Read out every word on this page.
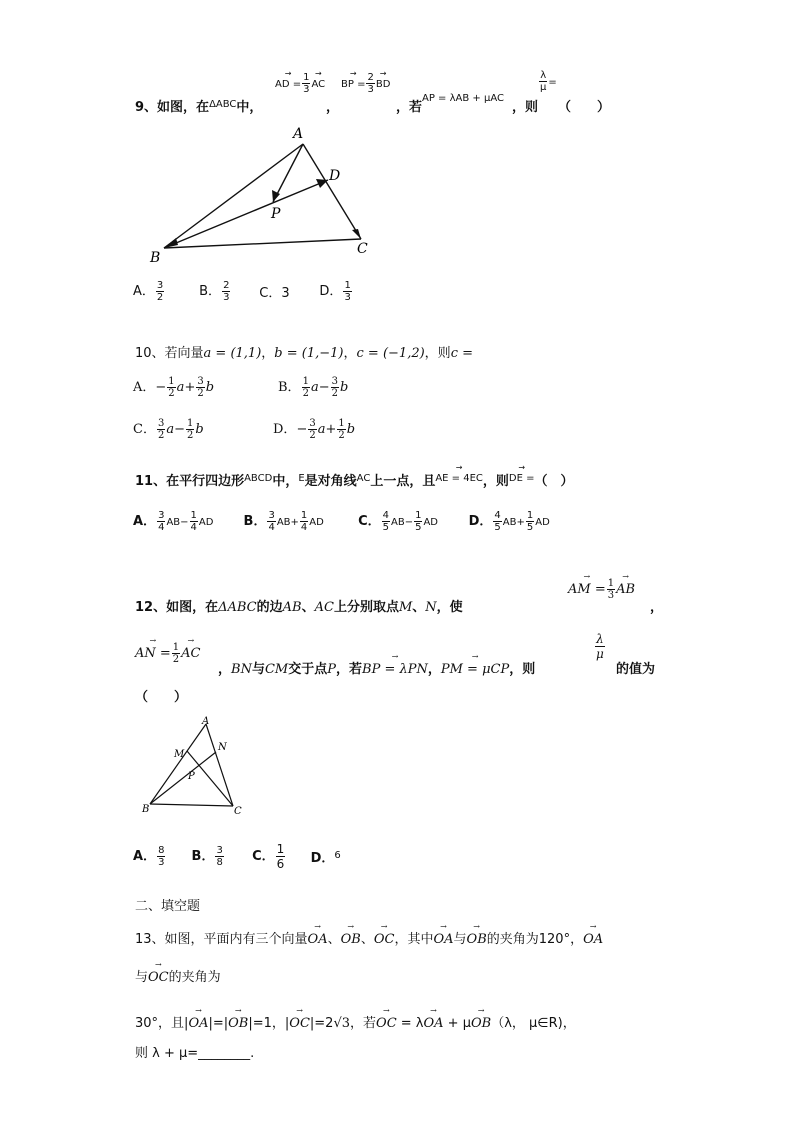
9、如图，在$^{\Delta ABC}$中，
→ AD = $\frac{1}{3}$ → AC → BP = $\frac{2}{3}$ → BD
，	，若
AP = λAB + μAC
，则
$\frac{\lambda}{\mu}$ =
（　　）
A
B
C
D
P
A． $\frac{3}{2}$	B． $\frac{2}{3}$ C．3 D． $\frac{1}{3}$
10、若向量a = (1,1)，b = (1,−1)，c = (−1,2)，则c =
A．− $\frac{1}{2} a+ \frac{3}{2}$ b	B． $\frac{1}{2} a- \frac{3}{2}$ b
C． $\frac{3}{2} a- \frac{1}{2}$ b	D．− $\frac{3}{2} a+ \frac{1}{2}$ b
11、在平行四边形$^{ABCD}$中，$^E$是对角线$^{AC}$上一点，且→ AE = 4EC，则→ DE =（　）
A． $\frac{3}{4} AB- \frac{1}{4}$ AD B． $\frac{3}{4} AB+ \frac{1}{4}$ AD	C． $\frac{4}{5} AB- \frac{1}{5}$ AD D． $\frac{4}{5} AB+ \frac{1}{5}$ AD
12、如图，在ΔABC的边AB、AC上分别取点M、N，使
→ AM = $\frac{1}{3}$ → AB
，
→ AN = $\frac{1}{2}$ → AC
，BN与CM交于点P，若→ BP = λPN，→ PM = μCP，则
$\frac{\lambda}{\mu}$
的值为
（　　）
A
B	C
M
N
P
A． $\frac{8}{3}$ B． $\frac{3}{8}$ C． $\frac{1}{6}$ D．$^6$
二、填空题
13、如图，平面内有三个向量→ OA、→ OB、→ OC，其中→ OA与→ OB的夹角为120°，→ OA
与→ OC的夹角为
30°，且|→ OA|=|→ OB|=1，|→ OC|=2√3，若→ OC = λ→ OA + μ→ OB（λ， μ∈R)，
则 λ + μ=________.
